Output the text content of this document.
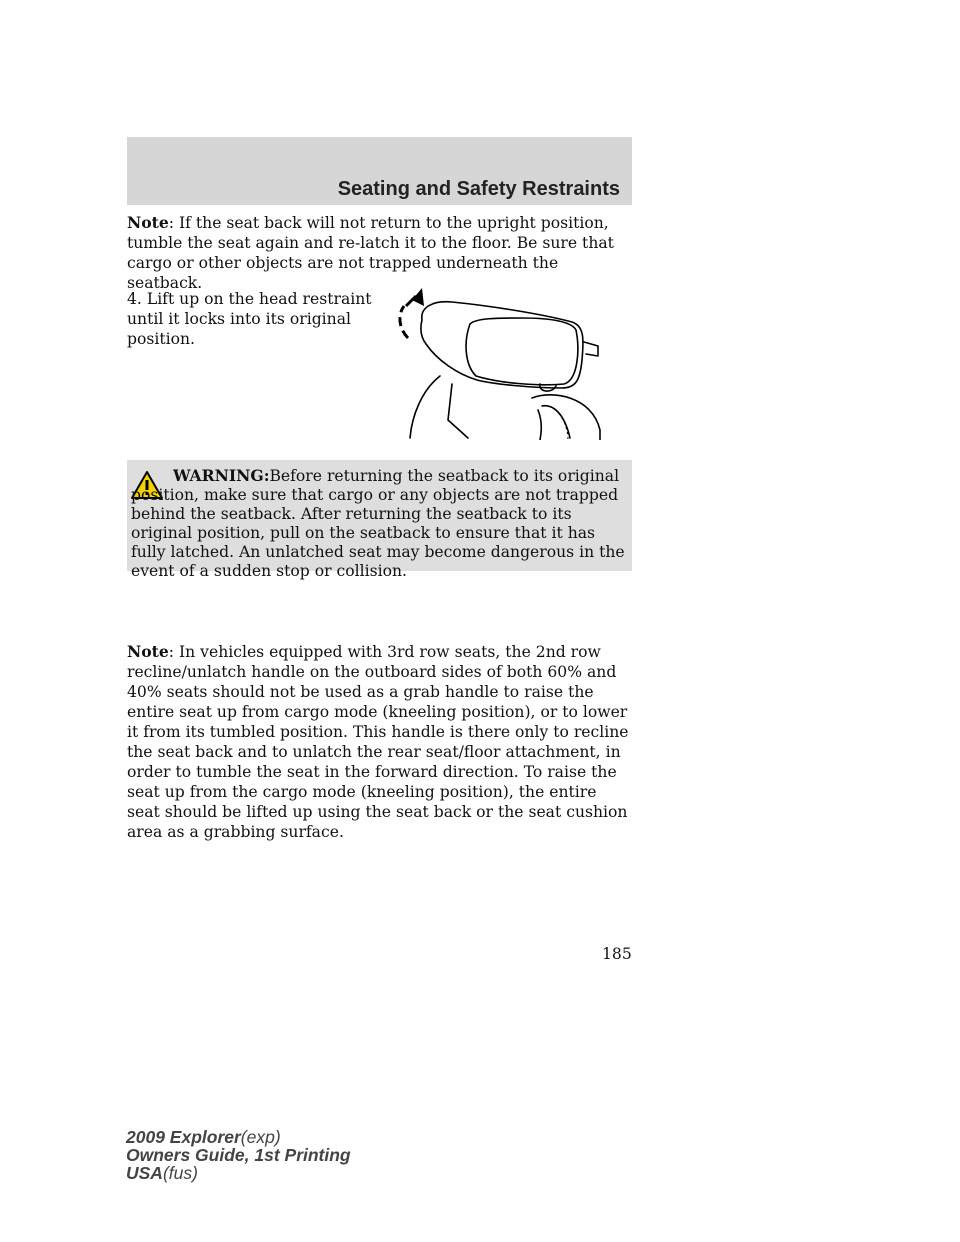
Seating and Safety Restraints
Note: If the seat back will not return to the upright position, tumble the seat again and re-latch it to the floor. Be sure that cargo or other objects are not trapped underneath the seatback.
4. Lift up on the head restraint until it locks into its original position.
WARNING:Before returning the seatback to its original
position, make sure that cargo or any objects are not trapped behind the seatback. After returning the seatback to its original position, pull on the seatback to ensure that it has fully latched. An unlatched seat may become dangerous in the event of a sudden stop or collision.
Note: In vehicles equipped with 3rd row seats, the 2nd row recline/unlatch handle on the outboard sides of both 60% and 40% seats should not be used as a grab handle to raise the entire seat up from cargo mode (kneeling position), or to lower it from its tumbled position. This handle is there only to recline the seat back and to unlatch the rear seat/floor attachment, in order to tumble the seat in the forward direction. To raise the seat up from the cargo mode (kneeling position), the entire seat should be lifted up using the seat back or the seat cushion area as a grabbing surface.
185
2009 Explorer(exp)
Owners Guide, 1st Printing
USA(fus)
